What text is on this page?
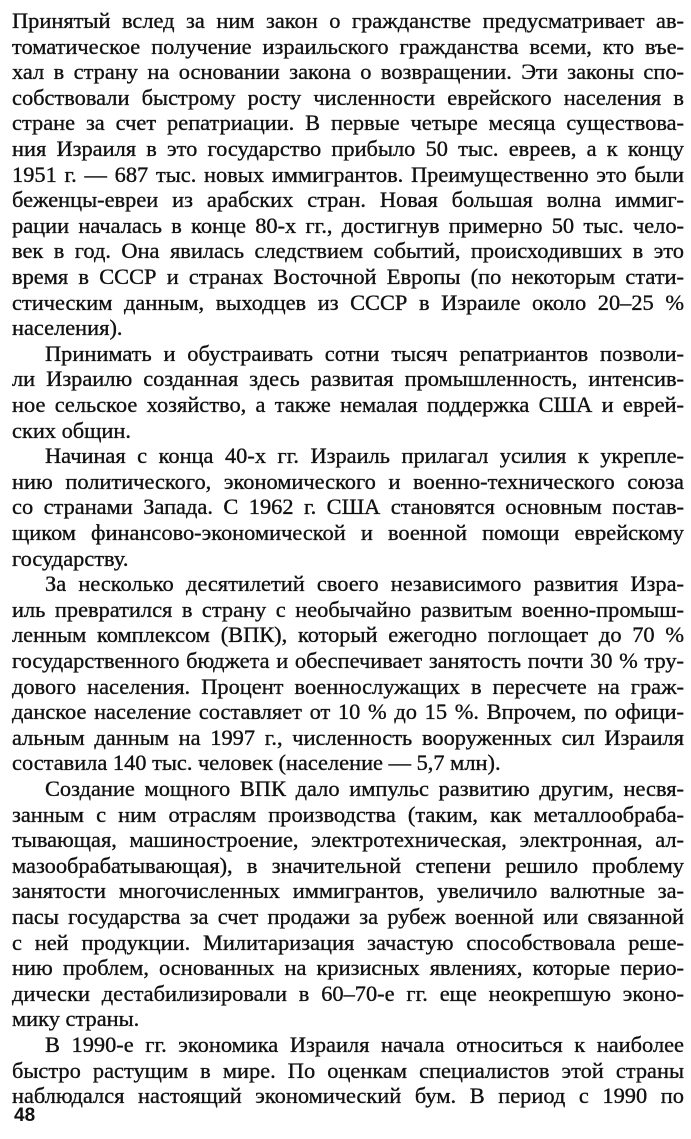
Принятый вслед за ним закон о гражданстве предусматривает ав-
томатическое получение израильского гражданства всеми, кто въе-
хал в страну на основании закона о возвращении. Эти законы спо-
собствовали быстрому росту численности еврейского населения в
стране за счет репатриации. В первые четыре месяца существова-
ния Израиля в это государство прибыло 50 тыс. евреев, а к концу
1951 г. — 687 тыс. новых иммигрантов. Преимущественно это были
беженцы-евреи из арабских стран. Новая большая волна иммиг-
рации началась в конце 80-х гг., достигнув примерно 50 тыс. чело-
век в год. Она явилась следствием событий, происходивших в это
время в СССР и странах Восточной Европы (по некоторым стати-
стическим данным, выходцев из СССР в Израиле около 20–25 %
населения).
Принимать и обустраивать сотни тысяч репатриантов позволи-
ли Израилю созданная здесь развитая промышленность, интенсив-
ное сельское хозяйство, а также немалая поддержка США и еврей-
ских общин.
Начиная с конца 40-х гг. Израиль прилагал усилия к укрепле-
нию политического, экономического и военно-технического союза
со странами Запада. С 1962 г. США становятся основным постав-
щиком финансово-экономической и военной помощи еврейскому
государству.
За несколько десятилетий своего независимого развития Изра-
иль превратился в страну с необычайно развитым военно-промыш-
ленным комплексом (ВПК), который ежегодно поглощает до 70 %
государственного бюджета и обеспечивает занятость почти 30 % тру-
дового населения. Процент военнослужащих в пересчете на граж-
данское население составляет от 10 % до 15 %. Впрочем, по офици-
альным данным на 1997 г., численность вооруженных сил Израиля
составила 140 тыс. человек (население — 5,7 млн).
Создание мощного ВПК дало импульс развитию другим, несвя-
занным с ним отраслям производства (таким, как металлообраба-
тывающая, машиностроение, электротехническая, электронная, ал-
мазообрабатывающая), в значительной степени решило проблему
занятости многочисленных иммигрантов, увеличило валютные за-
пасы государства за счет продажи за рубеж военной или связанной
с ней продукции. Милитаризация зачастую способствовала реше-
нию проблем, основанных на кризисных явлениях, которые перио-
дически дестабилизировали в 60–70-е гг. еще неокрепшую эконо-
мику страны.
В 1990-е гг. экономика Израиля начала относиться к наиболее
быстро растущим в мире. По оценкам специалистов этой страны
наблюдался настоящий экономический бум. В период с 1990 по
48
